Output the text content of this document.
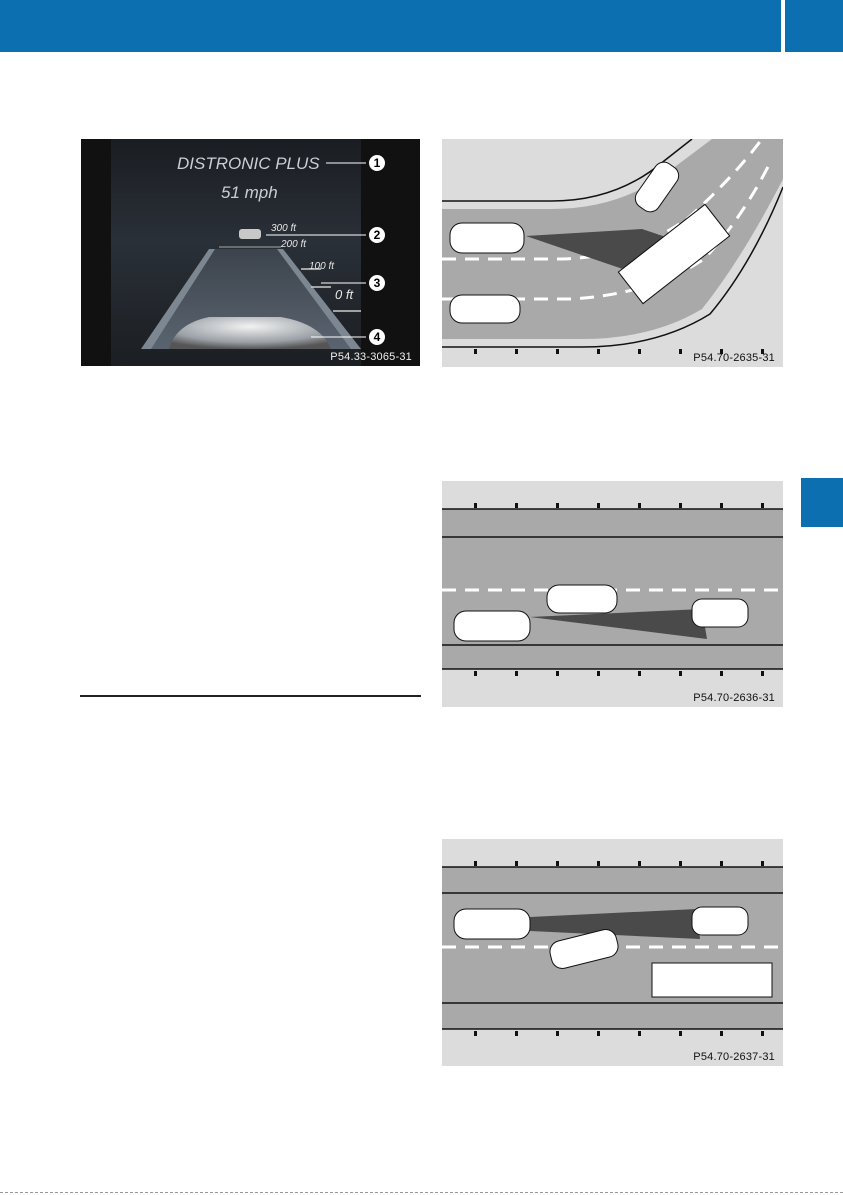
DISTRONIC PLUS
51 mph
300 ft
200 ft
100 ft
0 ft
1
2
3
4
P54.33-3065-31	P54.70-2635-31
P54.70-2636-31
P54.70-2637-31
